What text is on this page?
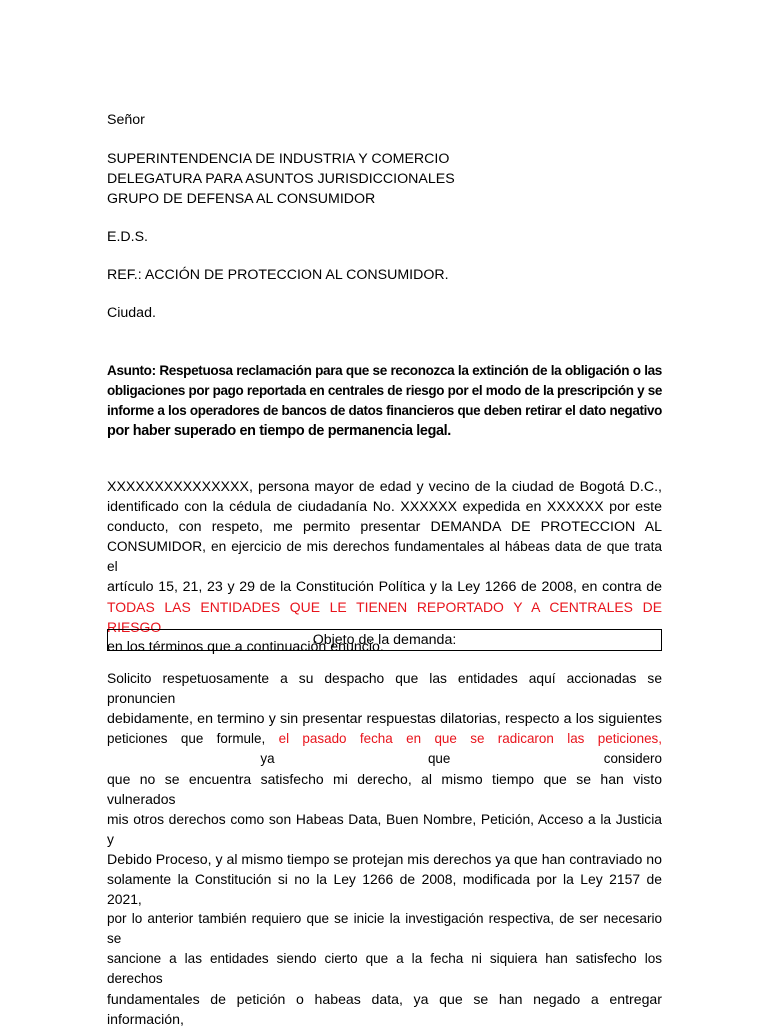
Señor
SUPERINTENDENCIA DE INDUSTRIA Y COMERCIO
DELEGATURA PARA ASUNTOS JURISDICCIONALES
GRUPO DE DEFENSA AL CONSUMIDOR
E.D.S.
REF.: ACCIÓN DE PROTECCION AL CONSUMIDOR.
Ciudad.
Asunto: Respetuosa reclamación para que se reconozca la extinción de la obligación o las
obligaciones por pago reportada en centrales de riesgo por el modo de la prescripción y se
informe a los operadores de bancos de datos financieros que deben retirar el dato negativo
por haber superado en tiempo de permanencia legal.
XXXXXXXXXXXXXXX, persona mayor de edad y vecino de la ciudad de Bogotá D.C.,
identificado con la cédula de ciudadanía No. XXXXXX expedida en XXXXXX por este
conducto, con respeto, me permito presentar DEMANDA DE PROTECCION AL
CONSUMIDOR, en ejercicio de mis derechos fundamentales al hábeas data de que trata el
artículo 15, 21, 23 y 29 de la Constitución Política y la Ley 1266 de 2008, en contra de
TODAS LAS ENTIDADES QUE LE TIENEN REPORTADO Y A CENTRALES DE RIESGO
en los términos que a continuación enuncio.
Objeto de la demanda:
Solicito respetuosamente a su despacho que las entidades aquí accionadas se pronuncien
debidamente, en termino y sin presentar respuestas dilatorias, respecto a los siguientes
peticiones que formule, el pasado fecha en que se radicaron las peticiones, ya que considero
que no se encuentra satisfecho mi derecho, al mismo tiempo que se han visto vulnerados
mis otros derechos como son Habeas Data, Buen Nombre, Petición, Acceso a la Justicia y
Debido Proceso, y al mismo tiempo se protejan mis derechos ya que han contraviado no
solamente la Constitución si no la Ley 1266 de 2008, modificada por la Ley 2157 de 2021,
por lo anterior también requiero que se inicie la investigación respectiva, de ser necesario se
sancione a las entidades siendo cierto que a la fecha ni siquiera han satisfecho los derechos
fundamentales de petición o habeas data, ya que se han negado a entregar información,
